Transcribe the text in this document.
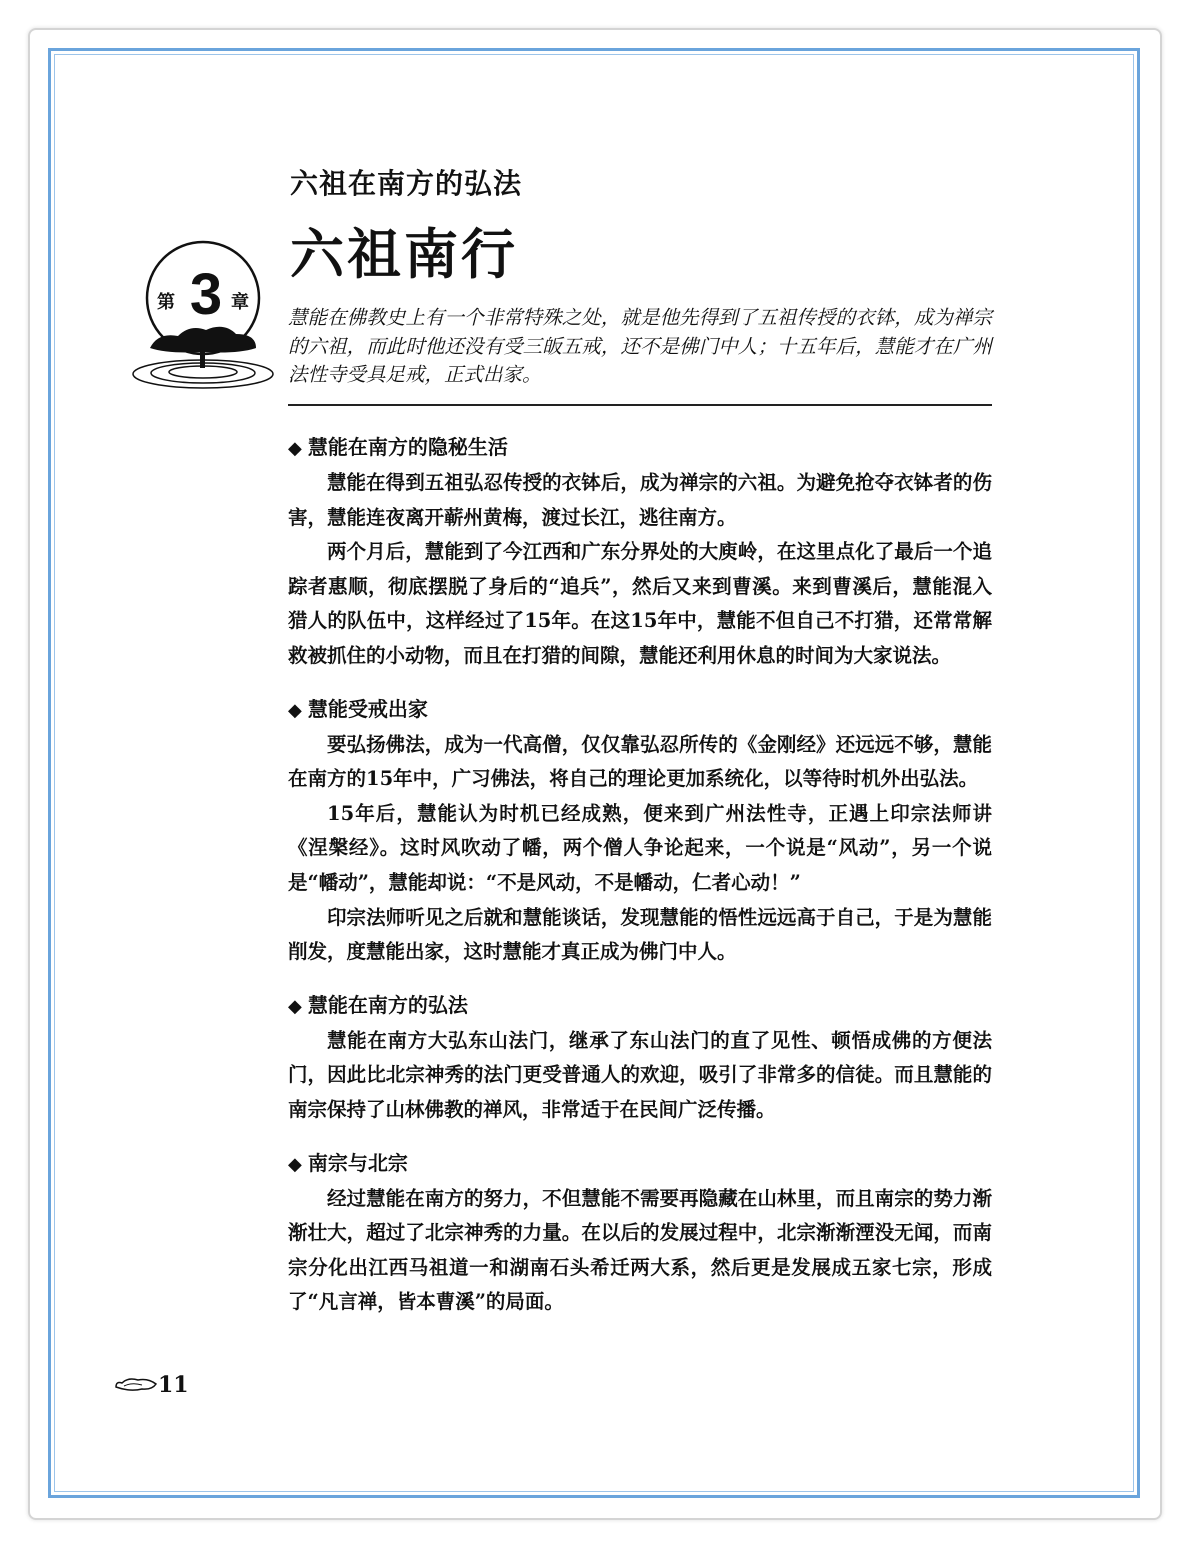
3
第	章
六祖在南方的弘法
六祖南行
慧能在佛教史上有一个非常特殊之处，就是他先得到了五祖传授的衣钵，成为禅宗的六祖，而此时他还没有受三皈五戒，还不是佛门中人；十五年后，慧能才在广州法性寺受具足戒，正式出家。
◆ 慧能在南方的隐秘生活

慧能在得到五祖弘忍传授的衣钵后，成为禅宗的六祖。为避免抢夺衣钵者的伤害，慧能连夜离开蕲州黄梅，渡过长江，逃往南方。

两个月后，慧能到了今江西和广东分界处的大庾岭，在这里点化了最后一个追踪者惠顺，彻底摆脱了身后的“追兵”，然后又来到曹溪。来到曹溪后，慧能混入猎人的队伍中，这样经过了15年。在这15年中，慧能不但自己不打猎，还常常解救被抓住的小动物，而且在打猎的间隙，慧能还利用休息的时间为大家说法。

◆ 慧能受戒出家

要弘扬佛法，成为一代高僧，仅仅靠弘忍所传的《金刚经》还远远不够，慧能在南方的15年中，广习佛法，将自己的理论更加系统化，以等待时机外出弘法。

15年后，慧能认为时机已经成熟，便来到广州法性寺，正遇上印宗法师讲《涅槃经》。这时风吹动了幡，两个僧人争论起来，一个说是“风动”，另一个说是“幡动”，慧能却说：“不是风动，不是幡动，仁者心动！”

印宗法师听见之后就和慧能谈话，发现慧能的悟性远远高于自己，于是为慧能削发，度慧能出家，这时慧能才真正成为佛门中人。

◆ 慧能在南方的弘法

慧能在南方大弘东山法门，继承了东山法门的直了见性、顿悟成佛的方便法门，因此比北宗神秀的法门更受普通人的欢迎，吸引了非常多的信徒。而且慧能的南宗保持了山林佛教的禅风，非常适于在民间广泛传播。

◆ 南宗与北宗

经过慧能在南方的努力，不但慧能不需要再隐藏在山林里，而且南宗的势力渐渐壮大，超过了北宗神秀的力量。在以后的发展过程中，北宗渐渐湮没无闻，而南宗分化出江西马祖道一和湖南石头希迁两大系，然后更是发展成五家七宗，形成了“凡言禅，皆本曹溪”的局面。

11
